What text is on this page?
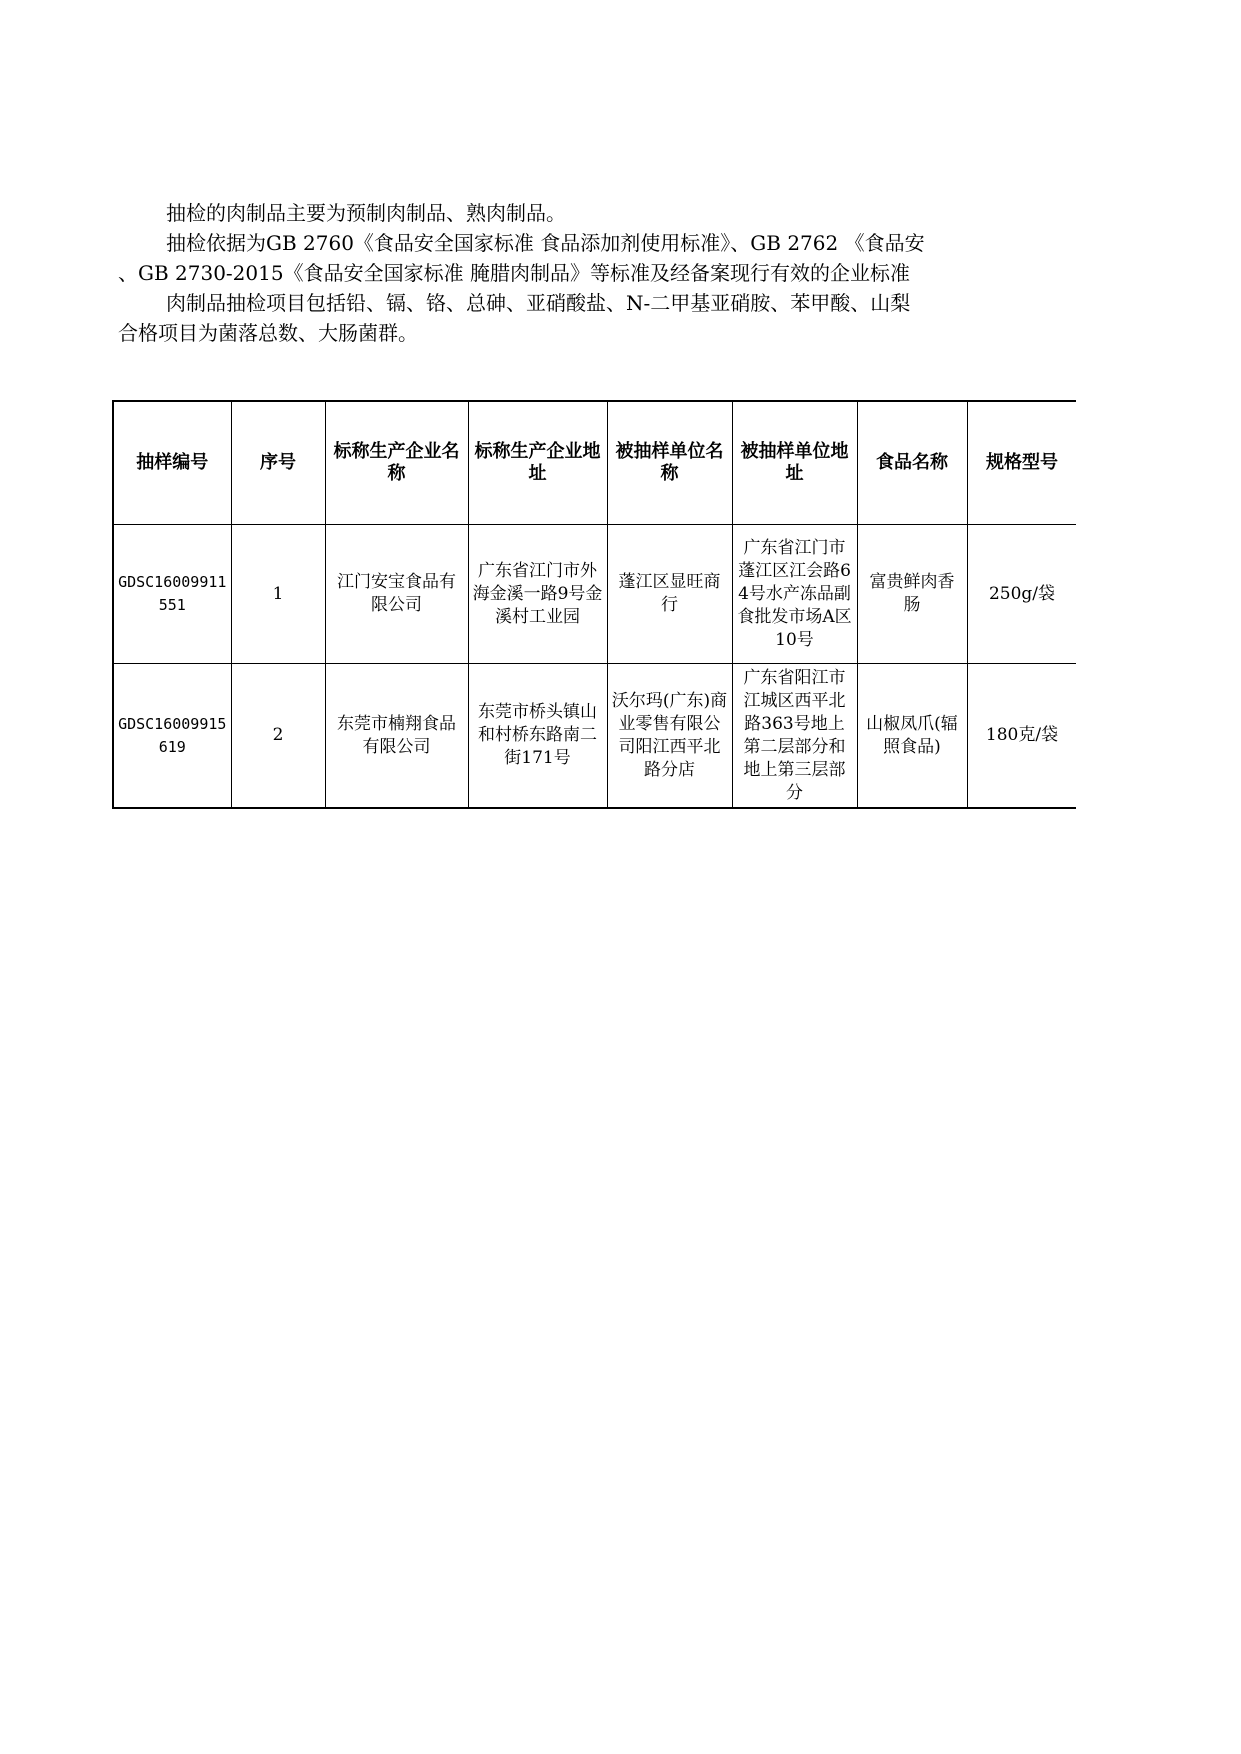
抽检的肉制品主要为预制肉制品、熟肉制品。

抽检依据为GB 2760《食品安全国家标准 食品添加剂使用标准》、GB 2762 《食品安

、GB 2730-2015《食品安全国家标准 腌腊肉制品》等标准及经备案现行有效的企业标准

肉制品抽检项目包括铅、镉、铬、总砷、亚硝酸盐、N-二甲基亚硝胺、苯甲酸、山梨

合格项目为菌落总数、大肠菌群。

抽样编号	序号	标称生产企业名称	标称生产企业地址	被抽样单位名称	被抽样单位地址	食品名称	规格型号
GDSC16009911551	1	江门安宝食品有限公司	广东省江门市外海金溪一路9号金溪村工业园	蓬江区显旺商行	广东省江门市蓬江区江会路64号水产冻品副食批发市场A区10号	富贵鲜肉香肠	250g/袋
GDSC16009915619	2	东莞市楠翔食品有限公司	东莞市桥头镇山和村桥东路南二街171号	沃尔玛(广东)商业零售有限公司阳江西平北路分店	广东省阳江市江城区西平北路363号地上第二层部分和地上第三层部分	山椒凤爪(辐照食品)	180克/袋
